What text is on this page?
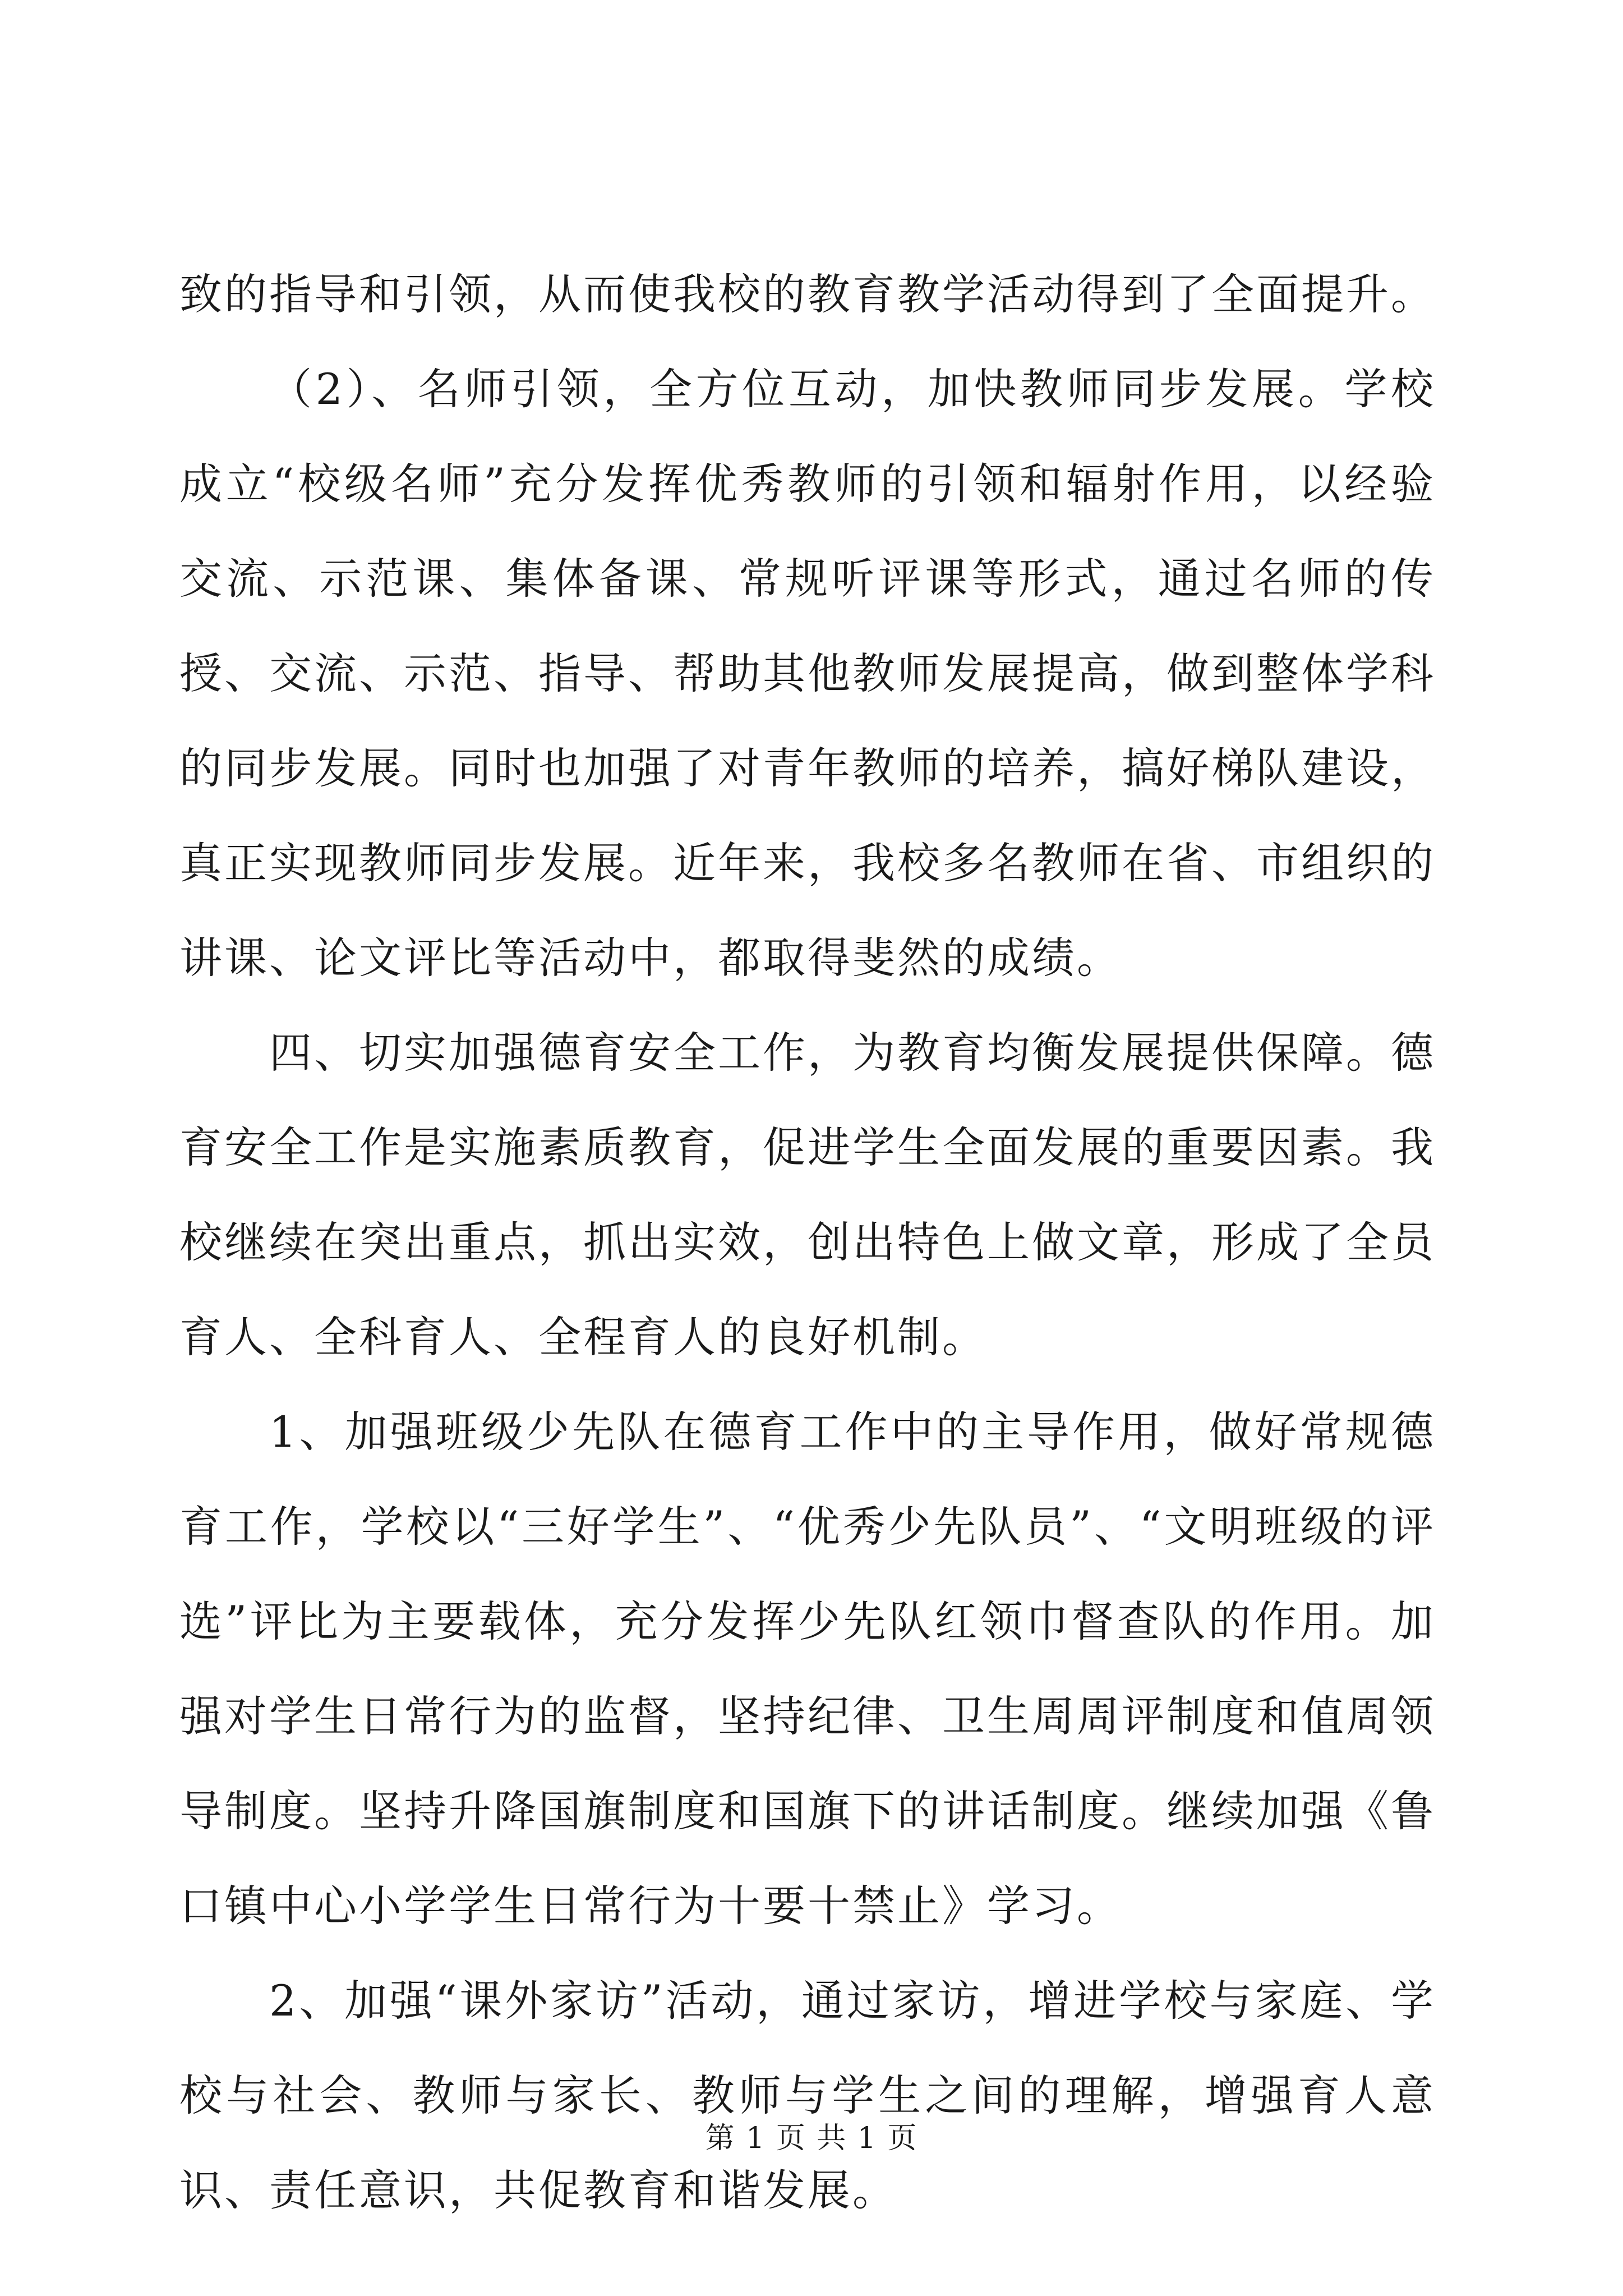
致的指导和引领，从而使我校的教育教学活动得到了全面提升。

（2）、名师引领，全方位互动，加快教师同步发展。学校成立“校级名师”充分发挥优秀教师的引领和辐射作用，以经验交流、示范课、集体备课、常规听评课等形式，通过名师的传授、交流、示范、指导、帮助其他教师发展提高，做到整体学科的同步发展。同时也加强了对青年教师的培养，搞好梯队建设，真正实现教师同步发展。近年来，我校多名教师在省、市组织的讲课、论文评比等活动中，都取得斐然的成绩。

四、切实加强德育安全工作，为教育均衡发展提供保障。德育安全工作是实施素质教育，促进学生全面发展的重要因素。我校继续在突出重点，抓出实效，创出特色上做文章，形成了全员育人、全科育人、全程育人的良好机制。

1、加强班级少先队在德育工作中的主导作用，做好常规德育工作，学校以“三好学生”、“优秀少先队员”、“文明班级的评选”评比为主要载体，充分发挥少先队红领巾督查队的作用。加强对学生日常行为的监督，坚持纪律、卫生周周评制度和值周领导制度。坚持升降国旗制度和国旗下的讲话制度。继续加强《鲁口镇中心小学学生日常行为十要十禁止》学习。

2、加强“课外家访”活动，通过家访，增进学校与家庭、学校与社会、教师与家长、教师与学生之间的理解，增强育人意识、责任意识，共促教育和谐发展。

第 1 页 共 1 页
